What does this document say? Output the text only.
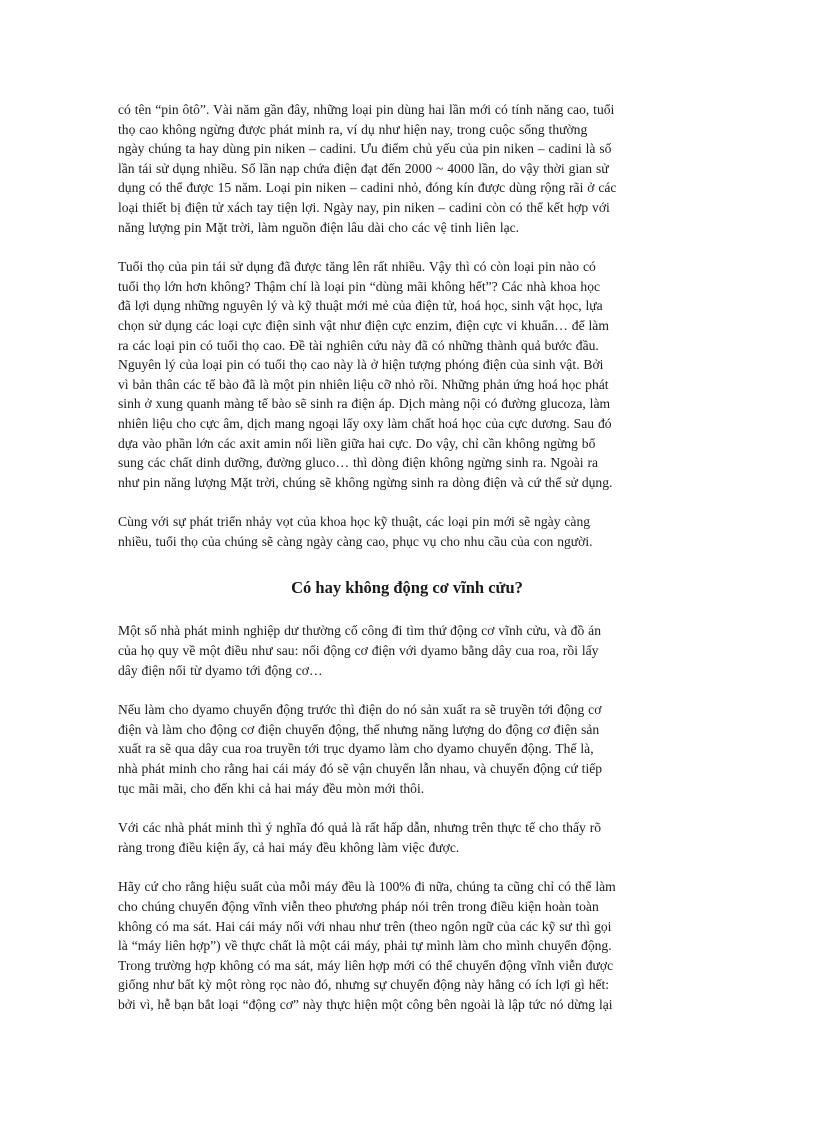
có tên “pin ôtô”. Vài năm gần đây, những loại pin dùng hai lần mới có tính năng cao, tuổi
thọ cao không ngừng được phát minh ra, ví dụ như hiện nay, trong cuộc sống thường
ngày chúng ta hay dùng pin niken – cadini. Ưu điểm chủ yếu của pin niken – cadini là số
lần tái sử dụng nhiều. Số lần nạp chứa điện đạt đến 2000 ~ 4000 lần, do vậy thời gian sử
dụng có thể được 15 năm. Loại pin niken – cadini nhỏ, đóng kín được dùng rộng rãi ở các
loại thiết bị điện tử xách tay tiện lợi. Ngày nay, pin niken – cadini còn có thể kết hợp với
năng lượng pin Mặt trời, làm nguồn điện lâu dài cho các vệ tinh liên lạc.
Tuổi thọ của pin tái sử dụng đã được tăng lên rất nhiều. Vậy thì có còn loại pin nào có
tuổi thọ lớn hơn không? Thậm chí là loại pin “dùng mãi không hết”? Các nhà khoa học
đã lợi dụng những nguyên lý và kỹ thuật mới mẻ của điện tử, hoá học, sinh vật học, lựa
chọn sử dụng các loại cực điện sinh vật như điện cực enzim, điện cực vi khuẩn… để làm
ra các loại pin có tuổi thọ cao. Đề tài nghiên cứu này đã có những thành quả bước đầu.
Nguyên lý của loại pin có tuổi thọ cao này là ở hiện tượng phóng điện của sinh vật. Bởi
vì bản thân các tế bào đã là một pin nhiên liệu cỡ nhỏ rồi. Những phản ứng hoá học phát
sinh ở xung quanh màng tế bào sẽ sinh ra điện áp. Dịch màng nội có đường glucoza, làm
nhiên liệu cho cực âm, dịch mang ngoại lấy oxy làm chất hoá học của cực dương. Sau đó
dựa vào phần lớn các axit amin nối liền giữa hai cực. Do vậy, chỉ cần không ngừng bổ
sung các chất dinh dưỡng, đường gluco… thì dòng điện không ngừng sinh ra. Ngoài ra
như pin năng lượng Mặt trời, chúng sẽ không ngừng sinh ra dòng điện và cứ thế sử dụng.
Cùng với sự phát triển nhảy vọt của khoa học kỹ thuật, các loại pin mới sẽ ngày càng
nhiều, tuổi thọ của chúng sẽ càng ngày càng cao, phục vụ cho nhu cầu của con người.
Có hay không động cơ vĩnh cửu?
Một số nhà phát minh nghiệp dư thường cố công đi tìm thứ động cơ vĩnh cửu, và đồ án
của họ quy về một điều như sau: nối động cơ điện với dyamo bằng dây cua roa, rồi lấy
dây điện nối từ dyamo tới động cơ…
Nếu làm cho dyamo chuyển động trước thì điện do nó sản xuất ra sẽ truyền tới động cơ
điện và làm cho động cơ điện chuyển động, thế nhưng năng lượng do động cơ điện sản
xuất ra sẽ qua dây cua roa truyền tới trục dyamo làm cho dyamo chuyển động. Thế là,
nhà phát minh cho rằng hai cái máy đó sẽ vận chuyển lẫn nhau, và chuyển động cứ tiếp
tục mãi mãi, cho đến khi cả hai máy đều mòn mới thôi.
Với các nhà phát minh thì ý nghĩa đó quả là rất hấp dẫn, nhưng trên thực tế cho thấy rõ
ràng trong điều kiện ấy, cả hai máy đều không làm việc được.
Hãy cứ cho rằng hiệu suất của mỗi máy đều là 100% đi nữa, chúng ta cũng chỉ có thể làm
cho chúng chuyển động vĩnh viễn theo phương pháp nói trên trong điều kiện hoàn toàn
không có ma sát. Hai cái máy nối với nhau như trên (theo ngôn ngữ của các kỹ sư thì gọi
là “máy liên hợp”) về thực chất là một cái máy, phải tự mình làm cho mình chuyển động.
Trong trường hợp không có ma sát, máy liên hợp mới có thể chuyển động vĩnh viễn được
giống như bất kỳ một ròng rọc nào đó, nhưng sự chuyển động này hẳng có ích lợi gì hết:
bởi vì, hễ bạn bắt loại “động cơ” này thực hiện một công bên ngoài là lập tức nó dừng lại
